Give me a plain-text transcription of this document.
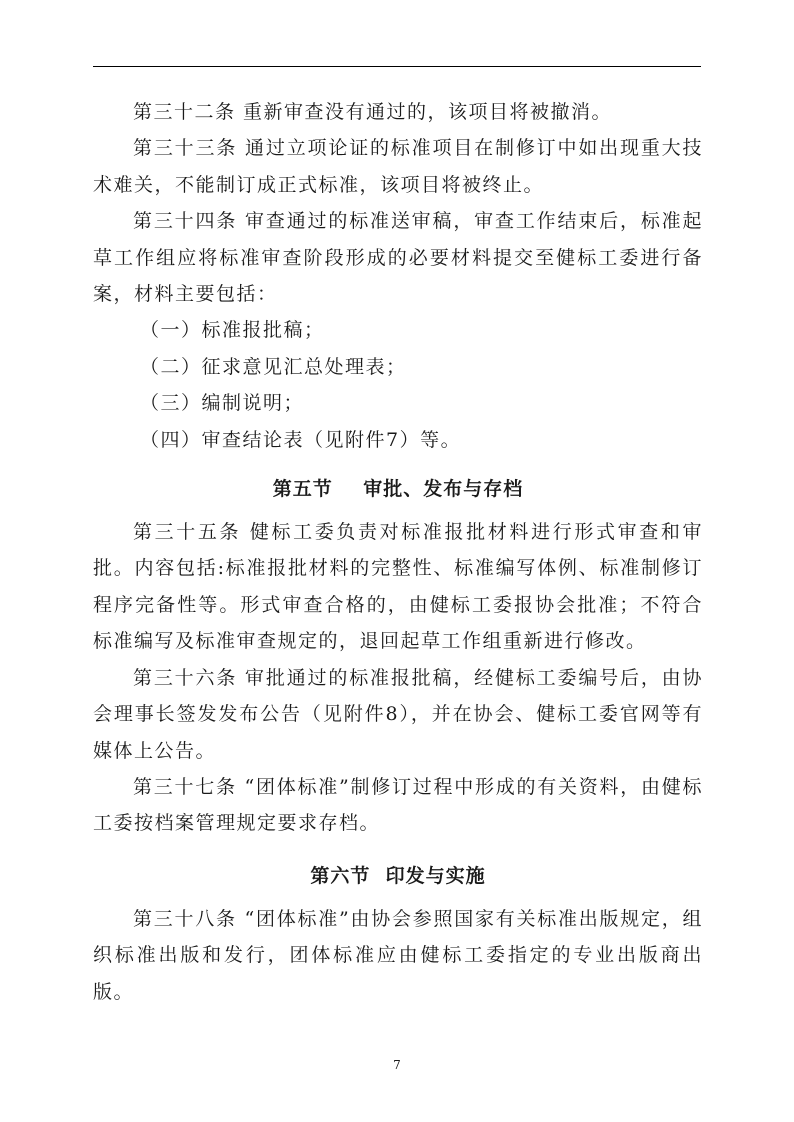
第三十二条 重新审查没有通过的，该项目将被撤消。

第三十三条 通过立项论证的标准项目在制修订中如出现重大技术难关，不能制订成正式标准，该项目将被终止。

第三十四条 审查通过的标准送审稿，审查工作结束后，标准起草工作组应将标准审查阶段形成的必要材料提交至健标工委进行备案，材料主要包括：

（一）标准报批稿；

（二）征求意见汇总处理表；

（三）编制说明；

（四）审查结论表（见附件7）等。

第五节    审批、发布与存档

第三十五条 健标工委负责对标准报批材料进行形式审查和审批。内容包括:标准报批材料的完整性、标准编写体例、标准制修订程序完备性等。形式审查合格的，由健标工委报协会批准；不符合标准编写及标准审查规定的，退回起草工作组重新进行修改。

第三十六条 审批通过的标准报批稿，经健标工委编号后，由协会理事长签发发布公告（见附件8），并在协会、健标工委官网等有媒体上公告。

第三十七条 “团体标准”制修订过程中形成的有关资料，由健标工委按档案管理规定要求存档。

第六节  印发与实施

第三十八条 “团体标准”由协会参照国家有关标准出版规定，组织标准出版和发行，团体标准应由健标工委指定的专业出版商出版。

7
